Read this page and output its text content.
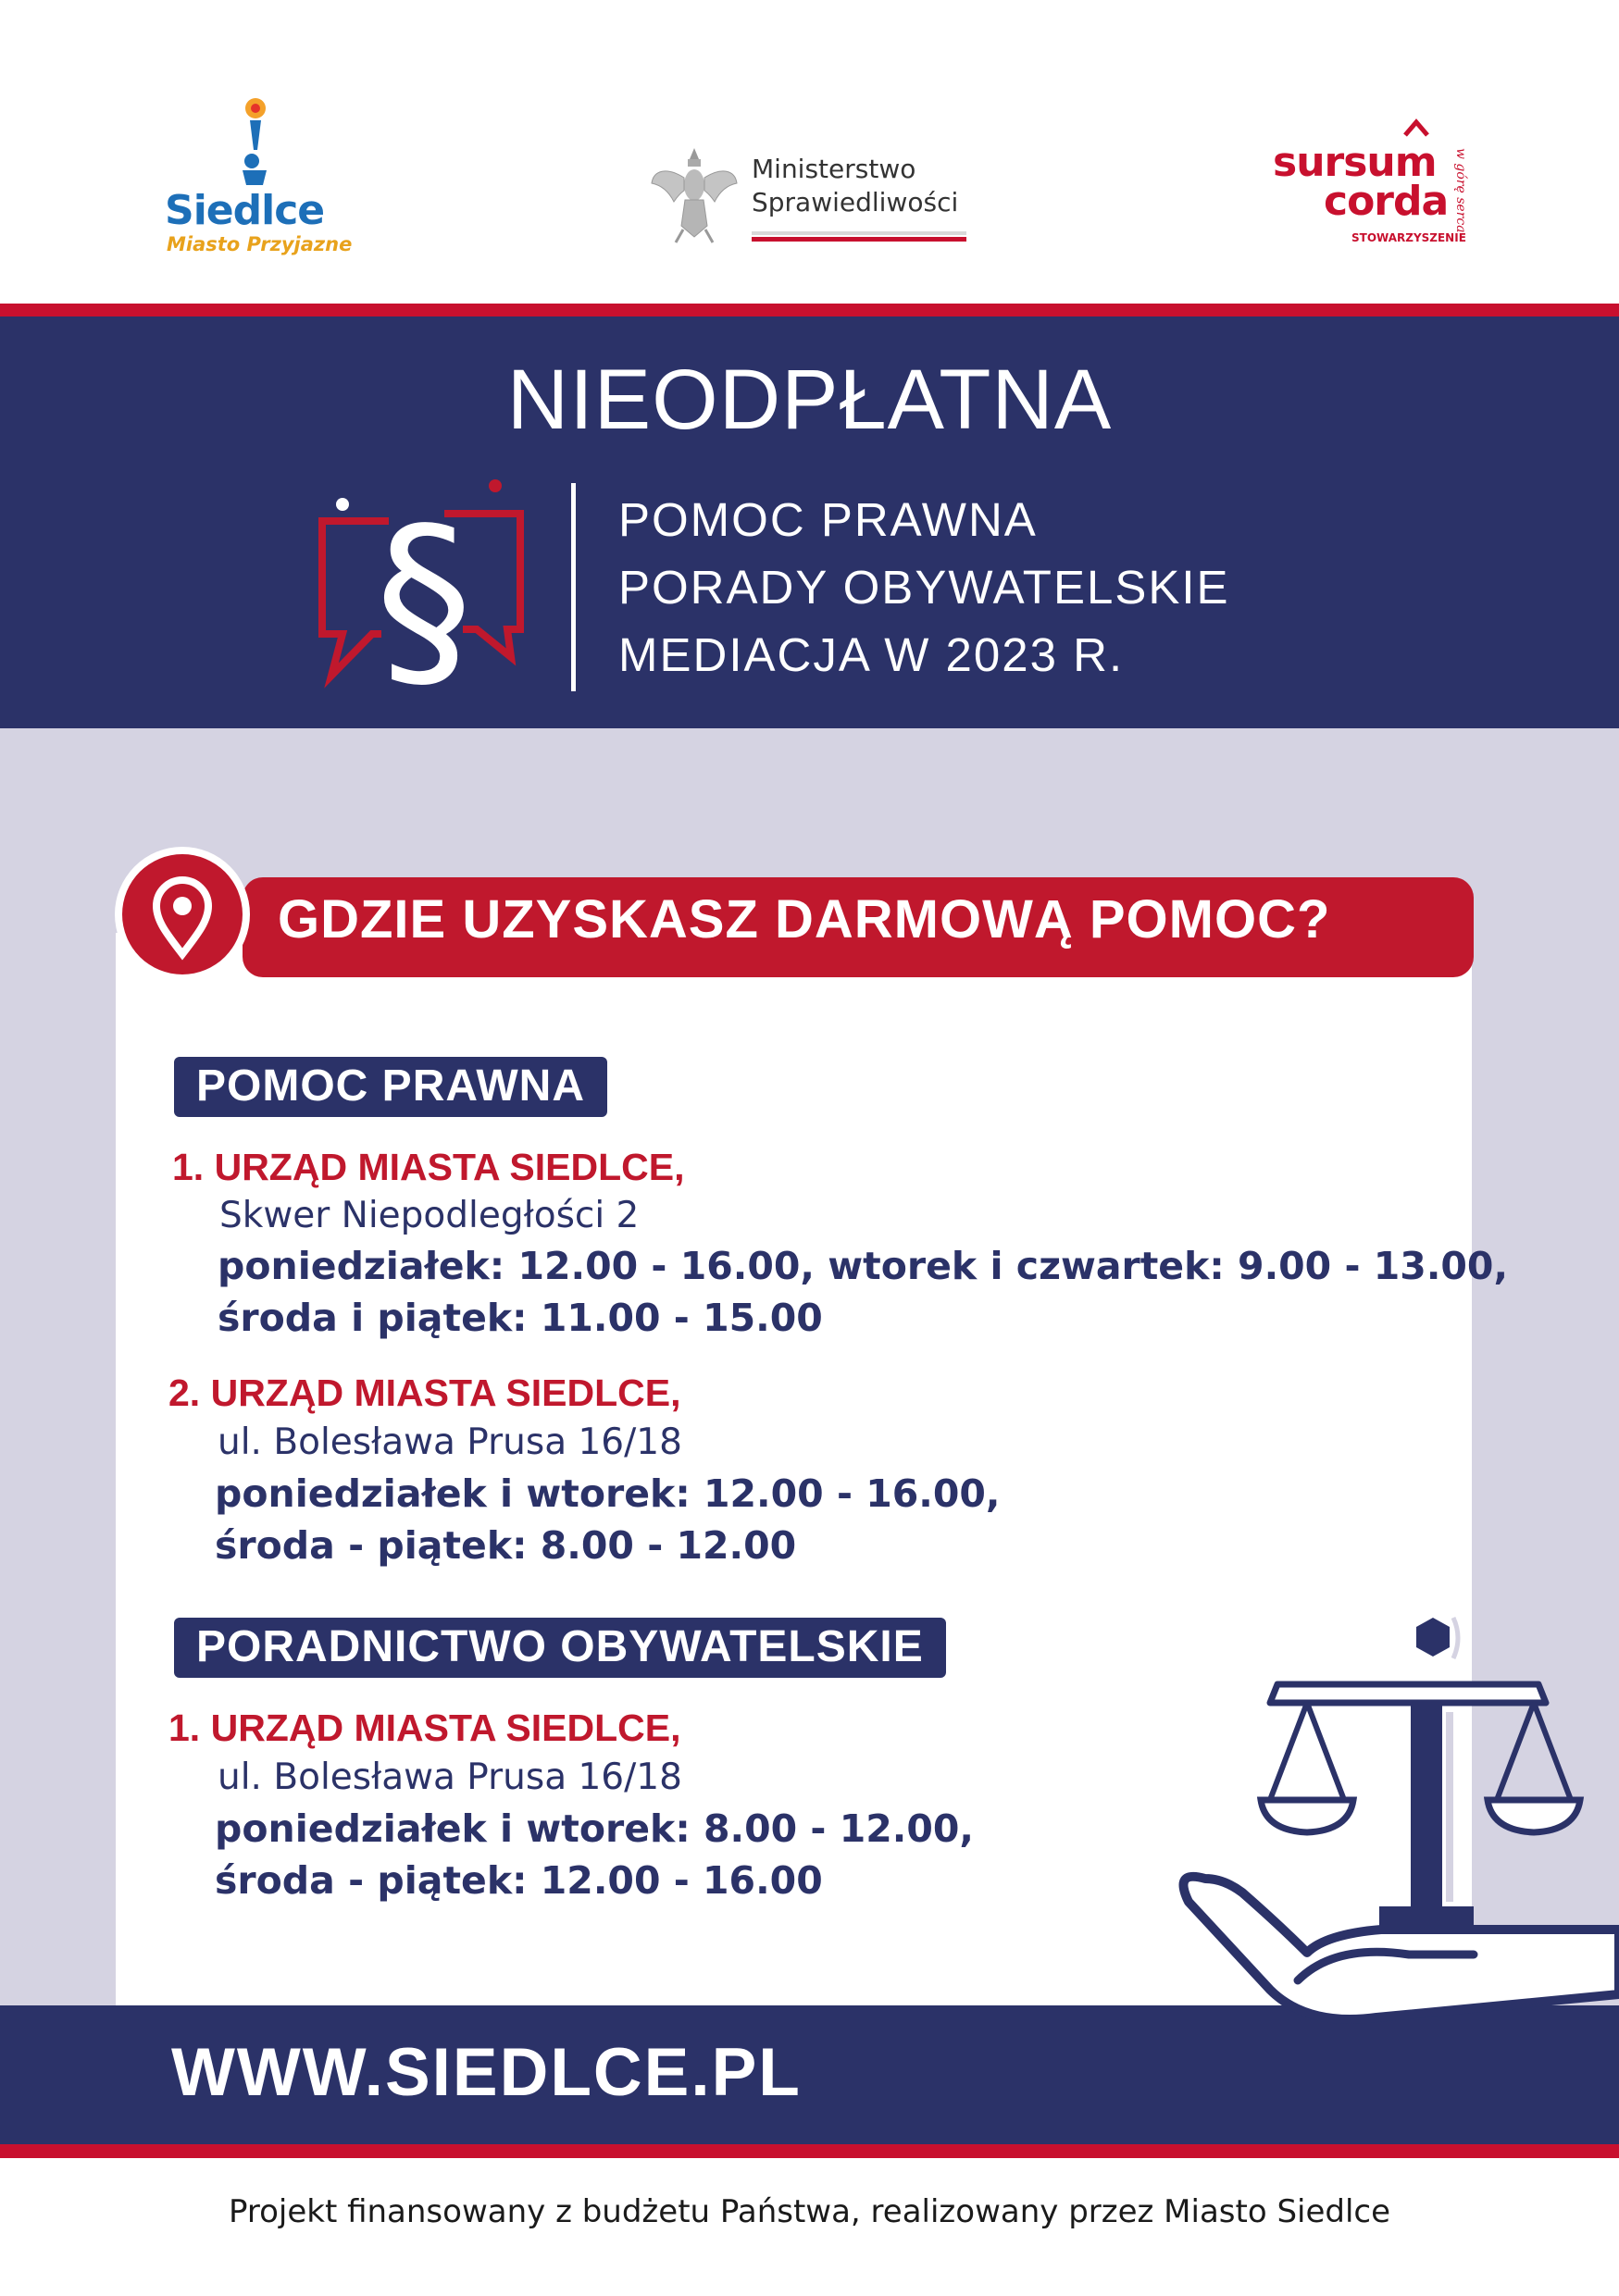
Siedlce
Miasto Przyjazne
Ministerstwo
Sprawiedliwości
sursum
corda
STOWARZYSZENIE
w górę serca
NIEODPŁATNA
§	POMOC PRAWNA
PORADY OBYWATELSKIE
MEDIACJA W 2023 R.
GDZIE UZYSKASZ DARMOWĄ POMOC?
POMOC PRAWNA
1. URZĄD MIASTA SIEDLCE,
Skwer Niepodległości 2
poniedziałek: 12.00 - 16.00, wtorek i czwartek: 9.00 - 13.00,
środa i piątek: 11.00 - 15.00
2. URZĄD MIASTA SIEDLCE,
ul. Bolesława Prusa 16/18
poniedziałek i wtorek: 12.00 - 16.00,
środa - piątek: 8.00 - 12.00
PORADNICTWO OBYWATELSKIE
1. URZĄD MIASTA SIEDLCE,
ul. Bolesława Prusa 16/18
poniedziałek i wtorek: 8.00 - 12.00,
środa - piątek: 12.00 - 16.00
WWW.SIEDLCE.PL
Projekt finansowany z budżetu Państwa, realizowany przez Miasto Siedlce
